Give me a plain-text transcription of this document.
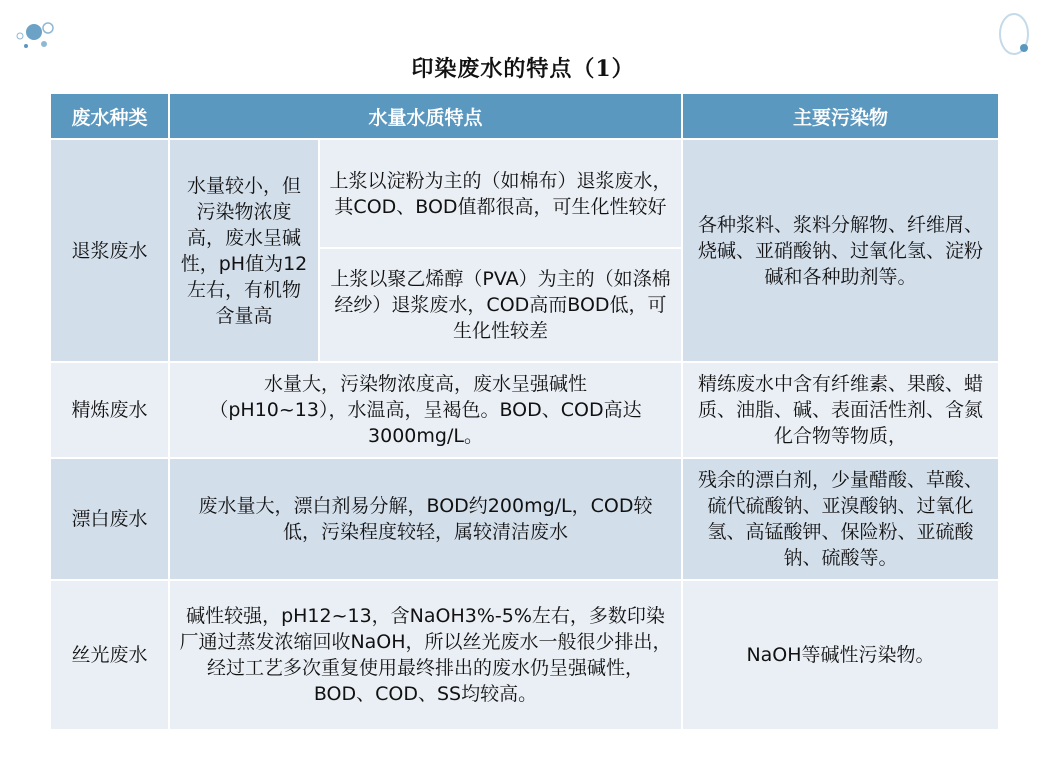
印染废水的特点（1）
废水种类	水量水质特点		主要污染物
退浆废水	水量较小，但污染物浓度高，废水呈碱性，pH值为12左右，有机物含量高	上浆以淀粉为主的（如棉布）退浆废水，其COD、BOD值都很高，可生化性较好	各种浆料、浆料分解物、纤维屑、烧碱、亚硝酸钠、过氧化氢、淀粉碱和各种助剂等。

		上浆以聚乙烯醇（PVA）为主的（如涤棉经纱）退浆废水，COD高而BOD低，可生化性较差	

精炼废水	水量大，污染物浓度高，废水呈强碱性（pH10~13），水温高，呈褐色。BOD、COD高达3000mg/L。		精练废水中含有纤维素、果酸、蜡质、油脂、碱、表面活性剂、含氮化合物等物质，

漂白废水	废水量大，漂白剂易分解，BOD约200mg/L，COD较低，污染程度较轻，属较清洁废水		残余的漂白剂，少量醋酸、草酸、硫代硫酸钠、亚溴酸钠、过氧化氢、高锰酸钾、保险粉、亚硫酸钠、硫酸等。

丝光废水	碱性较强，pH12~13，含NaOH3%-5%左右，多数印染厂通过蒸发浓缩回收NaOH，所以丝光废水一般很少排出，经过工艺多次重复使用最终排出的废水仍呈强碱性，BOD、COD、SS均较高。		NaOH等碱性污染物。
